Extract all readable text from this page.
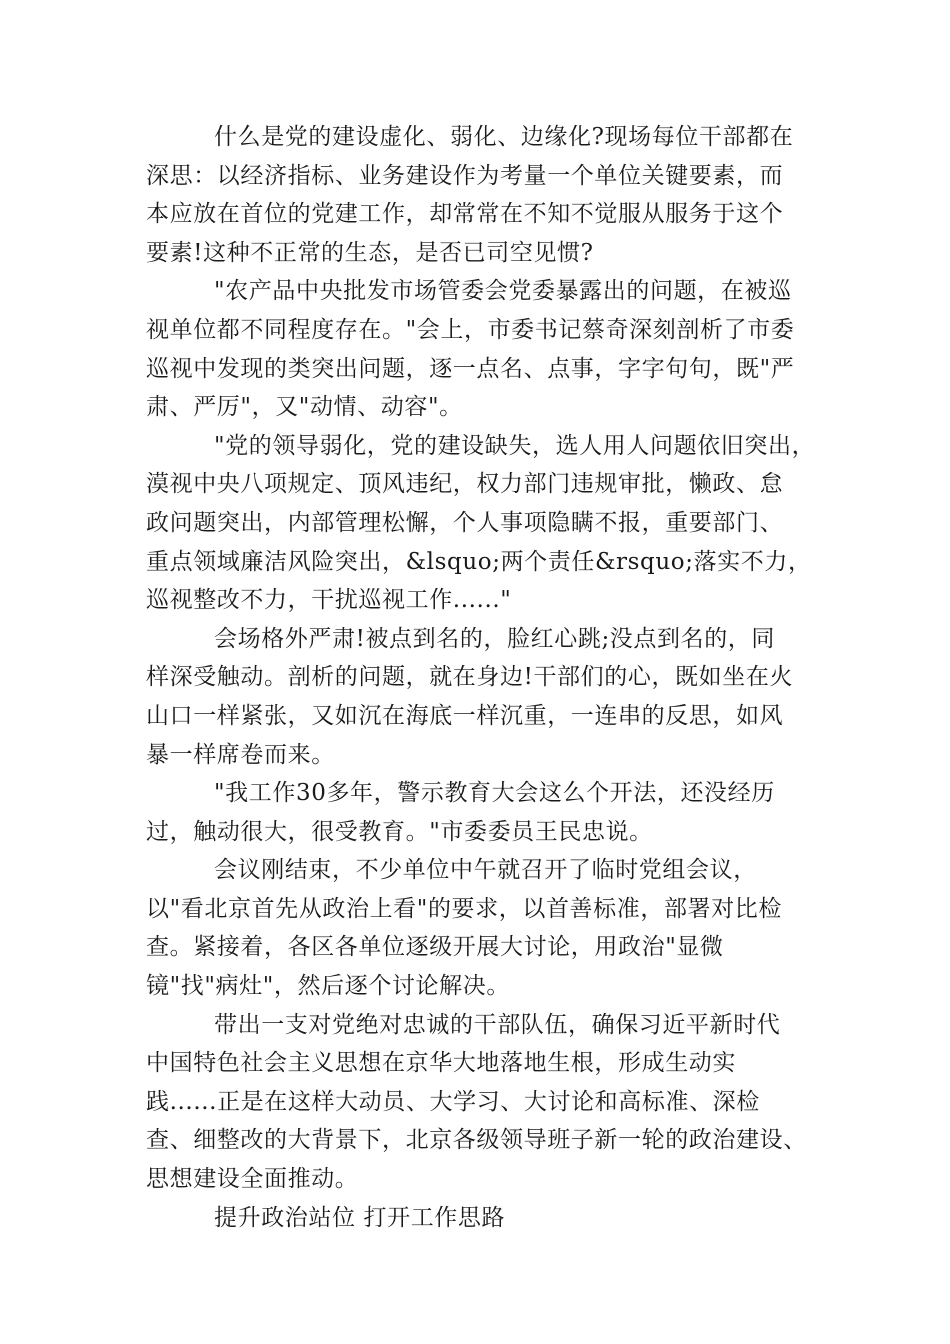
什么是党的建设虚化、弱化、边缘化?现场每位干部都在
深思：以经济指标、业务建设作为考量一个单位关键要素，而
本应放在首位的党建工作，却常常在不知不觉服从服务于这个
要素!这种不正常的生态，是否已司空见惯?
"农产品中央批发市场管委会党委暴露出的问题，在被巡
视单位都不同程度存在。"会上，市委书记蔡奇深刻剖析了市委
巡视中发现的类突出问题，逐一点名、点事，字字句句，既"严
肃、严厉"，又"动情、动容"。
"党的领导弱化，党的建设缺失，选人用人问题依旧突出，
漠视中央八项规定、顶风违纪，权力部门违规审批，懒政、怠
政问题突出，内部管理松懈，个人事项隐瞒不报，重要部门、
重点领域廉洁风险突出，&lsquo;两个责任&rsquo;落实不力，
巡视整改不力，干扰巡视工作......"
会场格外严肃!被点到名的，脸红心跳;没点到名的，同
样深受触动。剖析的问题，就在身边!干部们的心，既如坐在火
山口一样紧张，又如沉在海底一样沉重，一连串的反思，如风
暴一样席卷而来。
"我工作30多年，警示教育大会这么个开法，还没经历
过，触动很大，很受教育。"市委委员王民忠说。
会议刚结束，不少单位中午就召开了临时党组会议，
以"看北京首先从政治上看"的要求，以首善标准，部署对比检
查。紧接着，各区各单位逐级开展大讨论，用政治"显微
镜"找"病灶"，然后逐个讨论解决。
带出一支对党绝对忠诚的干部队伍，确保习近平新时代
中国特色社会主义思想在京华大地落地生根，形成生动实
践......正是在这样大动员、大学习、大讨论和高标准、深检
查、细整改的大背景下，北京各级领导班子新一轮的政治建设、
思想建设全面推动。
提升政治站位 打开工作思路
